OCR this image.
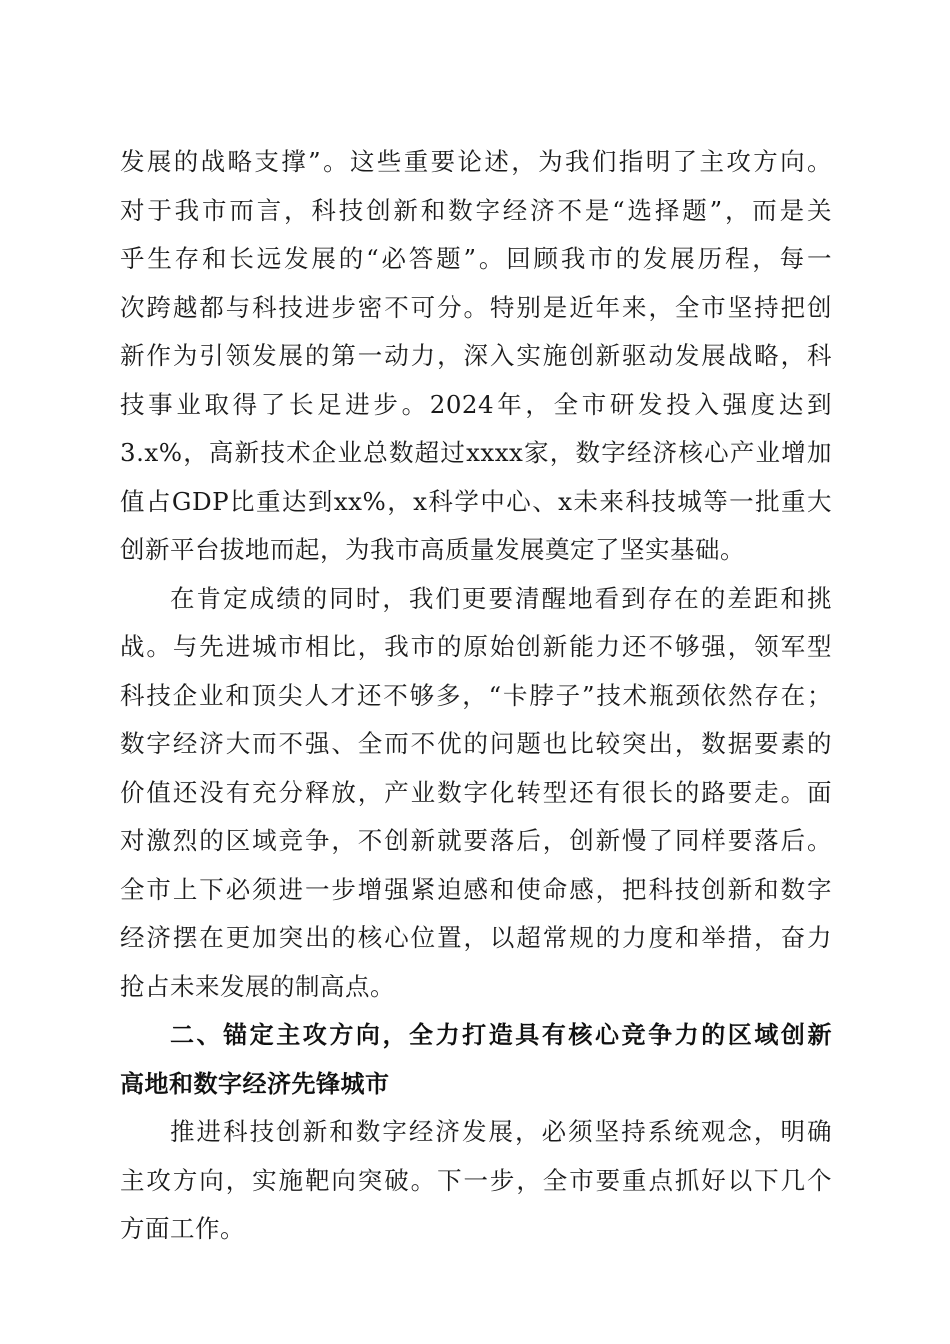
发展的战略支撑”。这些重要论述，为我们指明了主攻方向。
对于我市而言，科技创新和数字经济不是“选择题”，而是关
乎生存和长远发展的“必答题”。回顾我市的发展历程，每一
次跨越都与科技进步密不可分。特别是近年来，全市坚持把创
新作为引领发展的第一动力，深入实施创新驱动发展战略，科
技事业取得了长足进步。2024年，全市研发投入强度达到
3.x%，高新技术企业总数超过xxxx家，数字经济核心产业增加
值占GDP比重达到xx%，x科学中心、x未来科技城等一批重大
创新平台拔地而起，为我市高质量发展奠定了坚实基础。
在肯定成绩的同时，我们更要清醒地看到存在的差距和挑
战。与先进城市相比，我市的原始创新能力还不够强，领军型
科技企业和顶尖人才还不够多，“卡脖子”技术瓶颈依然存在；
数字经济大而不强、全而不优的问题也比较突出，数据要素的
价值还没有充分释放，产业数字化转型还有很长的路要走。面
对激烈的区域竞争，不创新就要落后，创新慢了同样要落后。
全市上下必须进一步增强紧迫感和使命感，把科技创新和数字
经济摆在更加突出的核心位置，以超常规的力度和举措，奋力
抢占未来发展的制高点。
二、锚定主攻方向，全力打造具有核心竞争力的区域创新
高地和数字经济先锋城市
推进科技创新和数字经济发展，必须坚持系统观念，明确
主攻方向，实施靶向突破。下一步，全市要重点抓好以下几个
方面工作。
